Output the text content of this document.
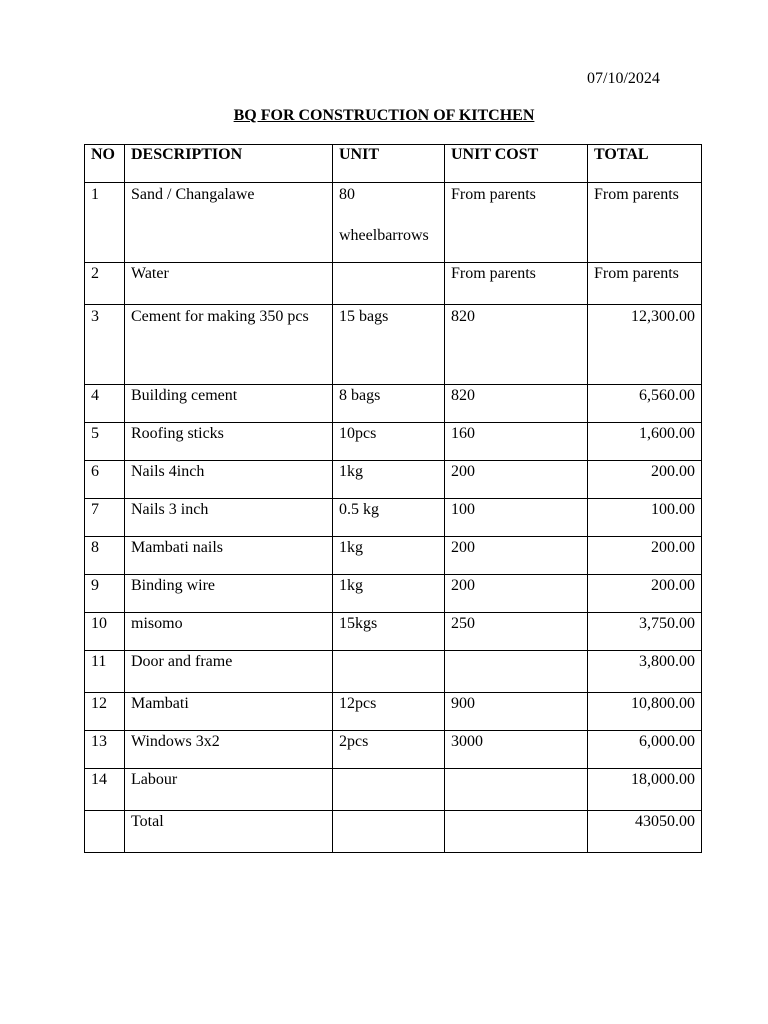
07/10/2024
BQ FOR CONSTRUCTION OF KITCHEN
NO	DESCRIPTION	UNIT	UNIT COST	TOTAL

1	Sand / Changalawe	80 wheelbarrows	From parents	From parents

2	Water		From parents	From parents

3	Cement for making 350 pcs	15 bags	820	12,300.00

4	Building cement	8 bags	820	6,560.00

5	Roofing sticks	10pcs	160	1,600.00

6	Nails 4inch	1kg	200	200.00

7	Nails 3 inch	0.5 kg	100	100.00

8	Mambati nails	1kg	200	200.00

9	Binding wire	1kg	200	200.00

10	misomo	15kgs	250	3,750.00

11	Door and frame			3,800.00

12	Mambati	12pcs	900	10,800.00

13	Windows 3x2	2pcs	3000	6,000.00

14	Labour			18,000.00

	Total			43050.00
